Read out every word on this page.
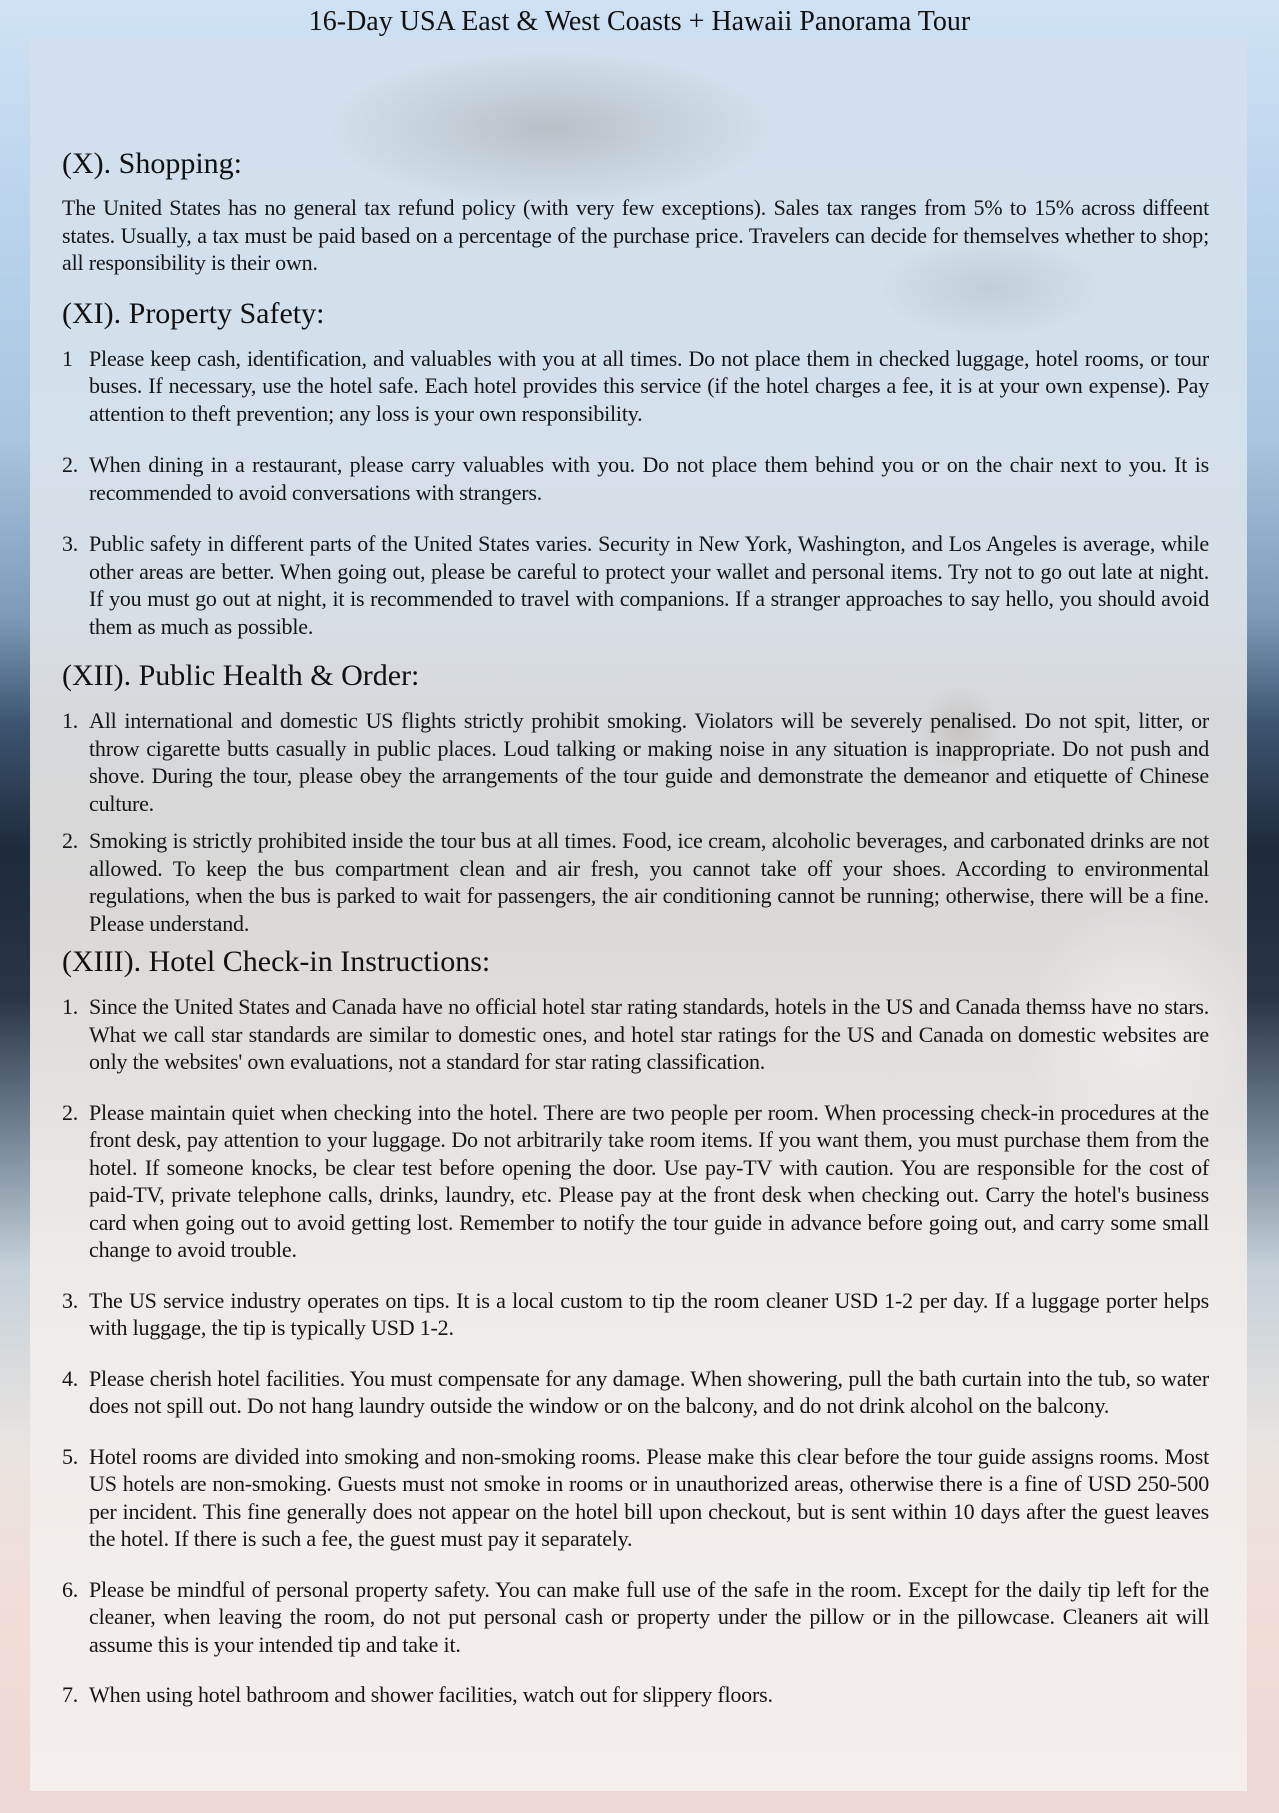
16-Day USA East & West Coasts + Hawaii Panorama Tour
(X). Shopping:

The United States has no general tax refund policy (with very few exceptions). Sales tax ranges from 5% to 15% across diffeent states. Usually, a tax must be paid based on a percentage of the purchase price. Travelers can decide for themselves whether to shop; all responsibility is their own.

(XI). Property Safety:
1 Please keep cash, identification, and valuables with you at all times. Do not place them in checked luggage, hotel rooms, or tour buses. If necessary, use the hotel safe. Each hotel provides this service (if the hotel charges a fee, it is at your own expense). Pay attention to theft prevention; any loss is your own responsibility.
2. When dining in a restaurant, please carry valuables with you. Do not place them behind you or on the chair next to you. It is recommended to avoid conversations with strangers.
3. Public safety in different parts of the United States varies. Security in New York, Washington, and Los Angeles is average, while other areas are better. When going out, please be careful to protect your wallet and personal items. Try not to go out late at night. If you must go out at night, it is recommended to travel with companions. If a stranger approaches to say hello, you should avoid them as much as possible.
(XII). Public Health & Order:
1. All international and domestic US flights strictly prohibit smoking. Violators will be severely penalised. Do not spit, litter, or throw cigarette butts casually in public places. Loud talking or making noise in any situation is inappropriate. Do not push and shove. During the tour, please obey the arrangements of the tour guide and demonstrate the demeanor and etiquette of Chinese culture.
2. Smoking is strictly prohibited inside the tour bus at all times. Food, ice cream, alcoholic beverages, and carbonated drinks are not allowed. To keep the bus compartment clean and air fresh, you cannot take off your shoes. According to environmental regulations, when the bus is parked to wait for passengers, the air conditioning cannot be running; otherwise, there will be a fine. Please understand.
(XIII). Hotel Check-in Instructions:
1. Since the United States and Canada have no official hotel star rating standards, hotels in the US and Canada themss have no stars. What we call star standards are similar to domestic ones, and hotel star ratings for the US and Canada on domestic websites are only the websites' own evaluations, not a standard for star rating classification.
2. Please maintain quiet when checking into the hotel. There are two people per room. When processing check-in procedures at the front desk, pay attention to your luggage. Do not arbitrarily take room items. If you want them, you must purchase them from the hotel. If someone knocks, be clear test before opening the door. Use pay-TV with caution. You are responsible for the cost of paid-TV, private telephone calls, drinks, laundry, etc. Please pay at the front desk when checking out. Carry the hotel's business card when going out to avoid getting lost. Remember to notify the tour guide in advance before going out, and carry some small change to avoid trouble.
3. The US service industry operates on tips. It is a local custom to tip the room cleaner USD 1-2 per day. If a luggage porter helps with luggage, the tip is typically USD 1-2.
4. Please cherish hotel facilities. You must compensate for any damage. When showering, pull the bath curtain into the tub, so water does not spill out. Do not hang laundry outside the window or on the balcony, and do not drink alcohol on the balcony.
5. Hotel rooms are divided into smoking and non-smoking rooms. Please make this clear before the tour guide assigns rooms. Most US hotels are non-smoking. Guests must not smoke in rooms or in unauthorized areas, otherwise there is a fine of USD 250-500 per incident. This fine generally does not appear on the hotel bill upon checkout, but is sent within 10 days after the guest leaves the hotel. If there is such a fee, the guest must pay it separately.
6. Please be mindful of personal property safety. You can make full use of the safe in the room. Except for the daily tip left for the cleaner, when leaving the room, do not put personal cash or property under the pillow or in the pillowcase. Cleaners ait will assume this is your intended tip and take it.
7. When using hotel bathroom and shower facilities, watch out for slippery floors.
